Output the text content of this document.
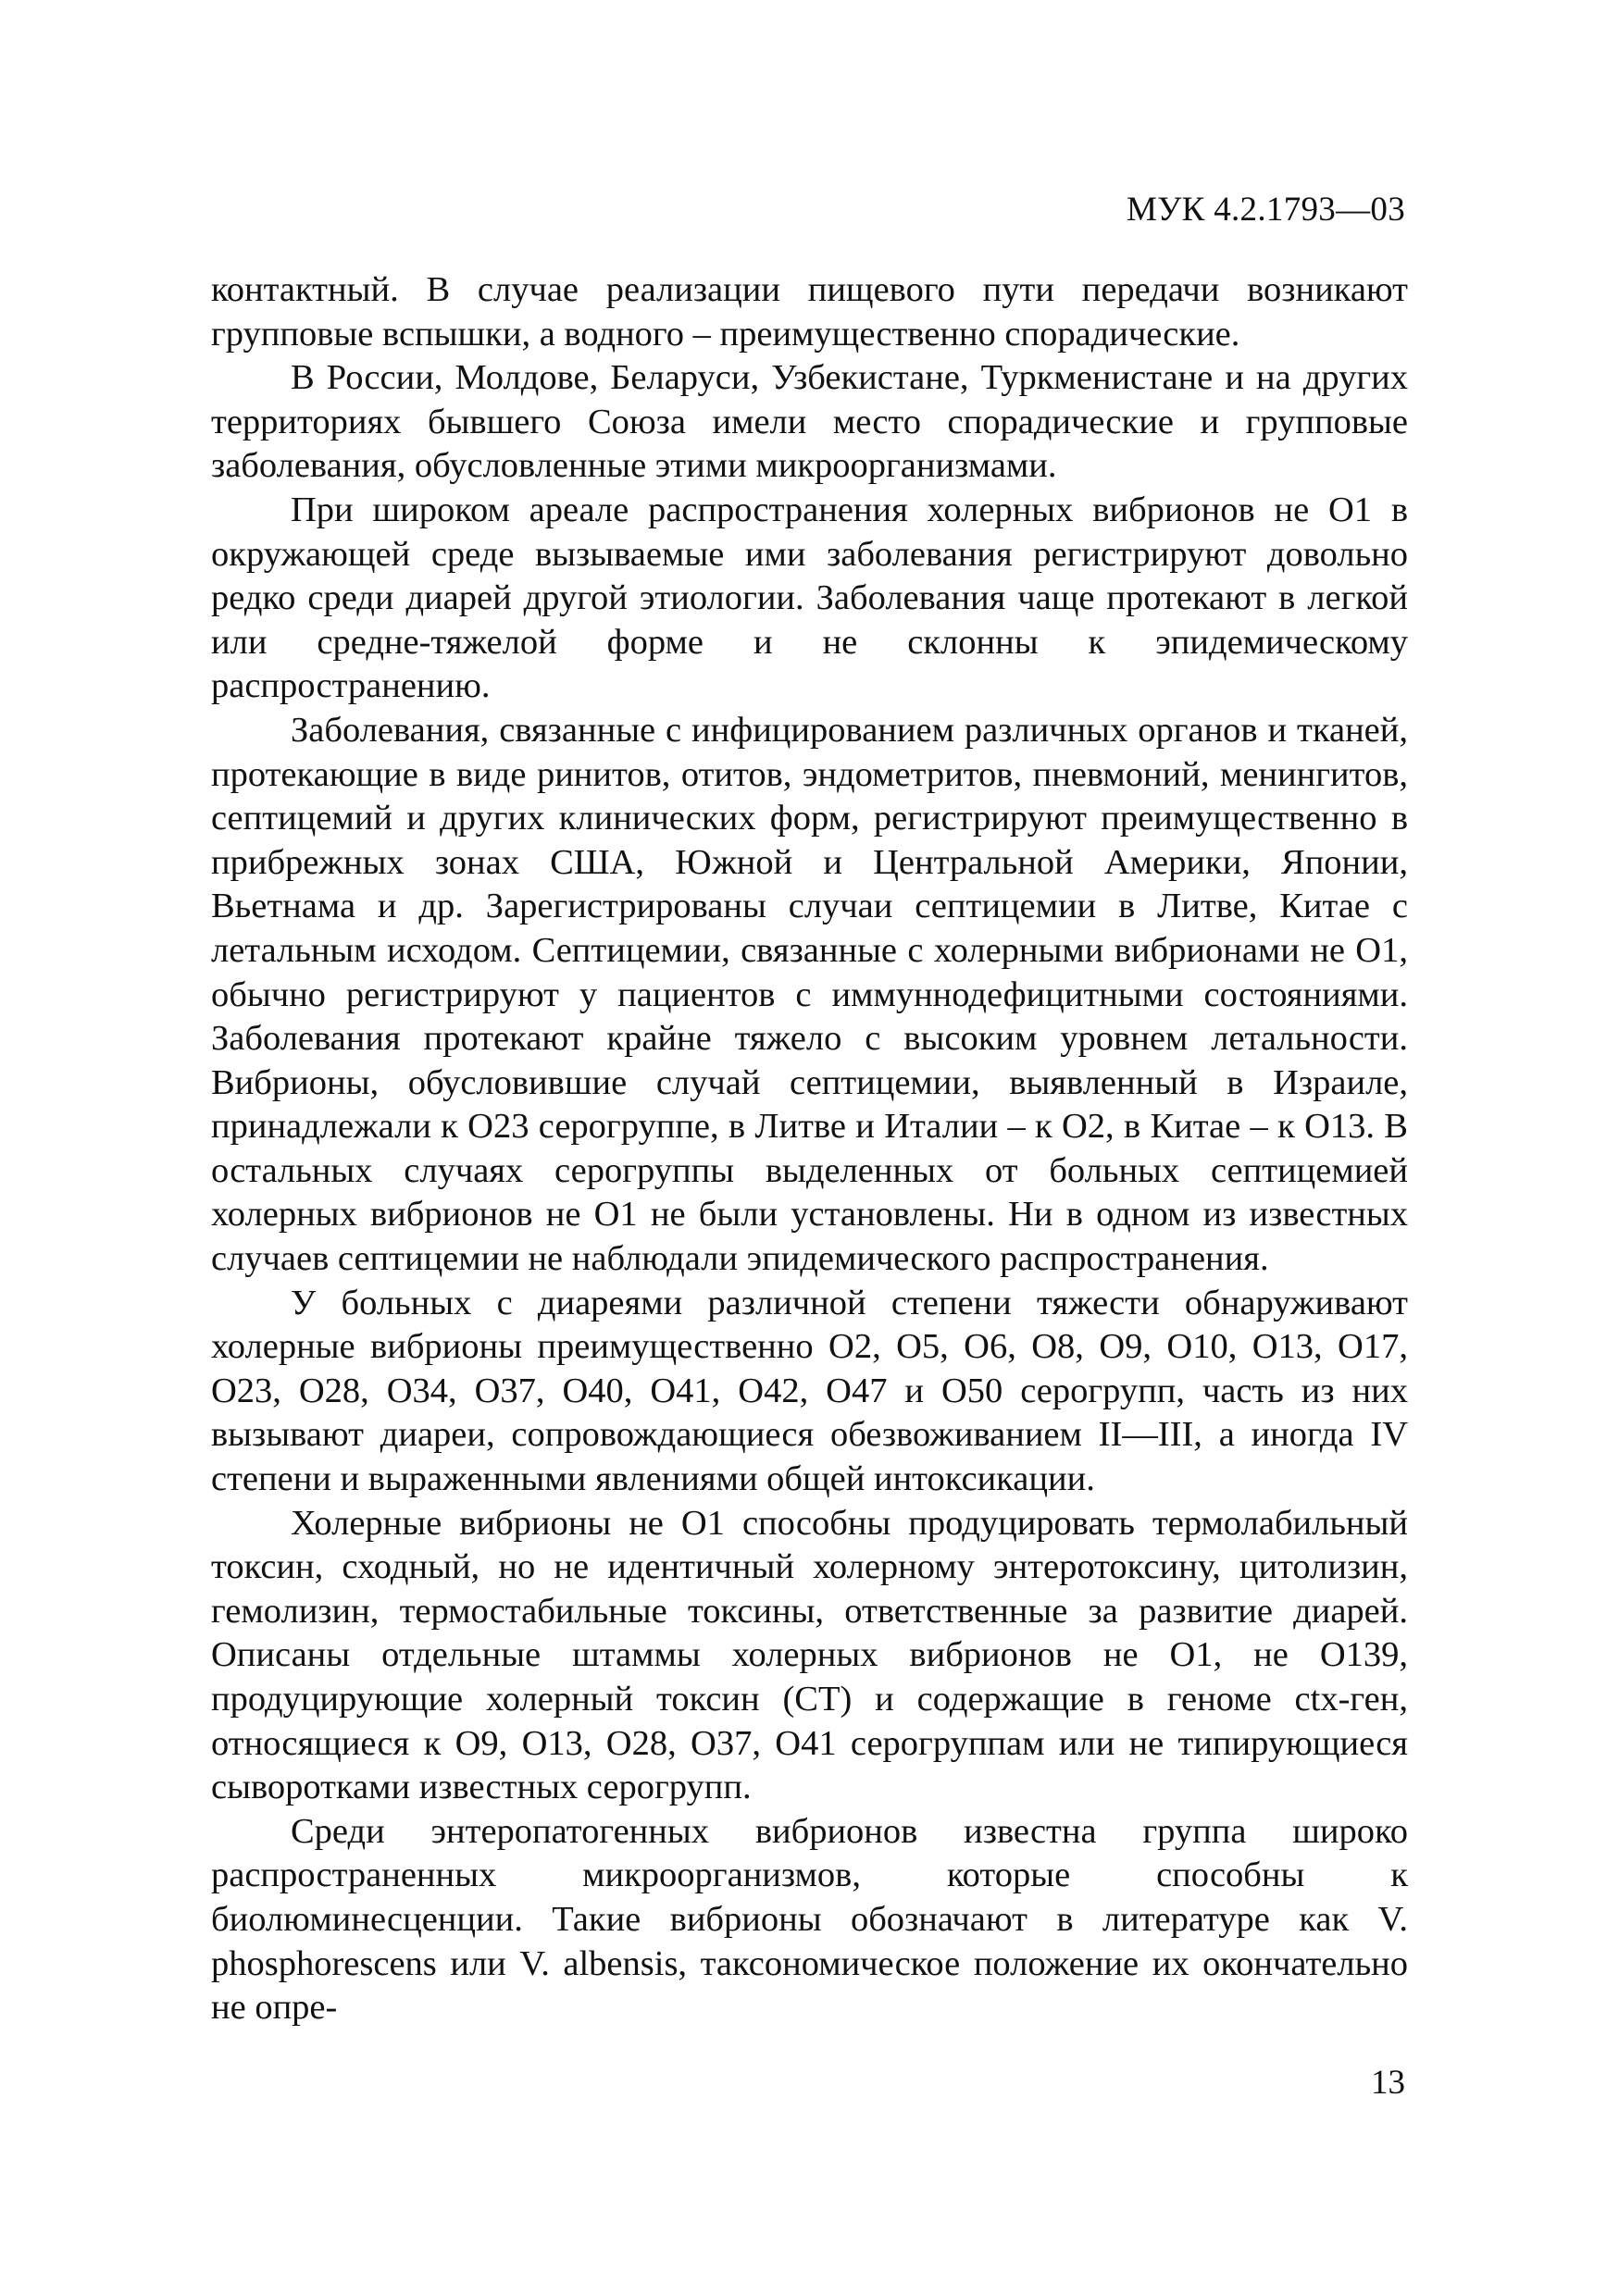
МУК 4.2.1793—03

контактный. В случае реализации пищевого пути передачи возникают групповые вспышки, а водного – преимущественно спорадические.

В России, Молдове, Беларуси, Узбекистане, Туркменистане и на других территориях бывшего Союза имели место спорадические и групповые заболевания, обусловленные этими микроорганизмами.

При широком ареале распространения холерных вибрионов не О1 в окружающей среде вызываемые ими заболевания регистрируют довольно редко среди диарей другой этиологии. Заболевания чаще протекают в легкой или средне-тяжелой форме и не склонны к эпидемическому распространению.

Заболевания, связанные с инфицированием различных органов и тканей, протекающие в виде ринитов, отитов, эндометритов, пневмоний, менингитов, септицемий и других клинических форм, регистрируют преимущественно в прибрежных зонах США, Южной и Центральной Америки, Японии, Вьетнама и др. Зарегистрированы случаи септицемии в Литве, Китае с летальным исходом. Септицемии, связанные с холерными вибрионами не О1, обычно регистрируют у пациентов с иммуннодефицитными состояниями. Заболевания протекают крайне тяжело с высоким уровнем летальности. Вибрионы, обусловившие случай септицемии, выявленный в Израиле, принадлежали к О23 серогруппе, в Литве и Италии – к О2, в Китае – к О13. В остальных случаях серогруппы выделенных от больных септицемией холерных вибрионов не О1 не были установлены. Ни в одном из известных случаев септицемии не наблюдали эпидемического распространения.

У больных с диареями различной степени тяжести обнаруживают холерные вибрионы преимущественно О2, О5, О6, О8, О9, О10, О13, О17, О23, О28, О34, О37, О40, О41, О42, О47 и О50 серогрупп, часть из них вызывают диареи, сопровождающиеся обезвоживанием II—III, а иногда IV степени и выраженными явлениями общей интоксикации.

Холерные вибрионы не О1 способны продуцировать термолабильный токсин, сходный, но не идентичный холерному энтеротоксину, цитолизин, гемолизин, термостабильные токсины, ответственные за развитие диарей. Описаны отдельные штаммы холерных вибрионов не О1, не О139, продуцирующие холерный токсин (СТ) и содержащие в геноме ctx-ген, относящиеся к О9, О13, О28, О37, О41 серогруппам или не типирующиеся сыворотками известных серогрупп.

Среди энтеропатогенных вибрионов известна группа широко распространенных микроорганизмов, которые способны к биолюминесценции. Такие вибрионы обозначают в литературе как V. phosphorescens или V. albensis, таксономическое положение их окончательно не опре-

13
